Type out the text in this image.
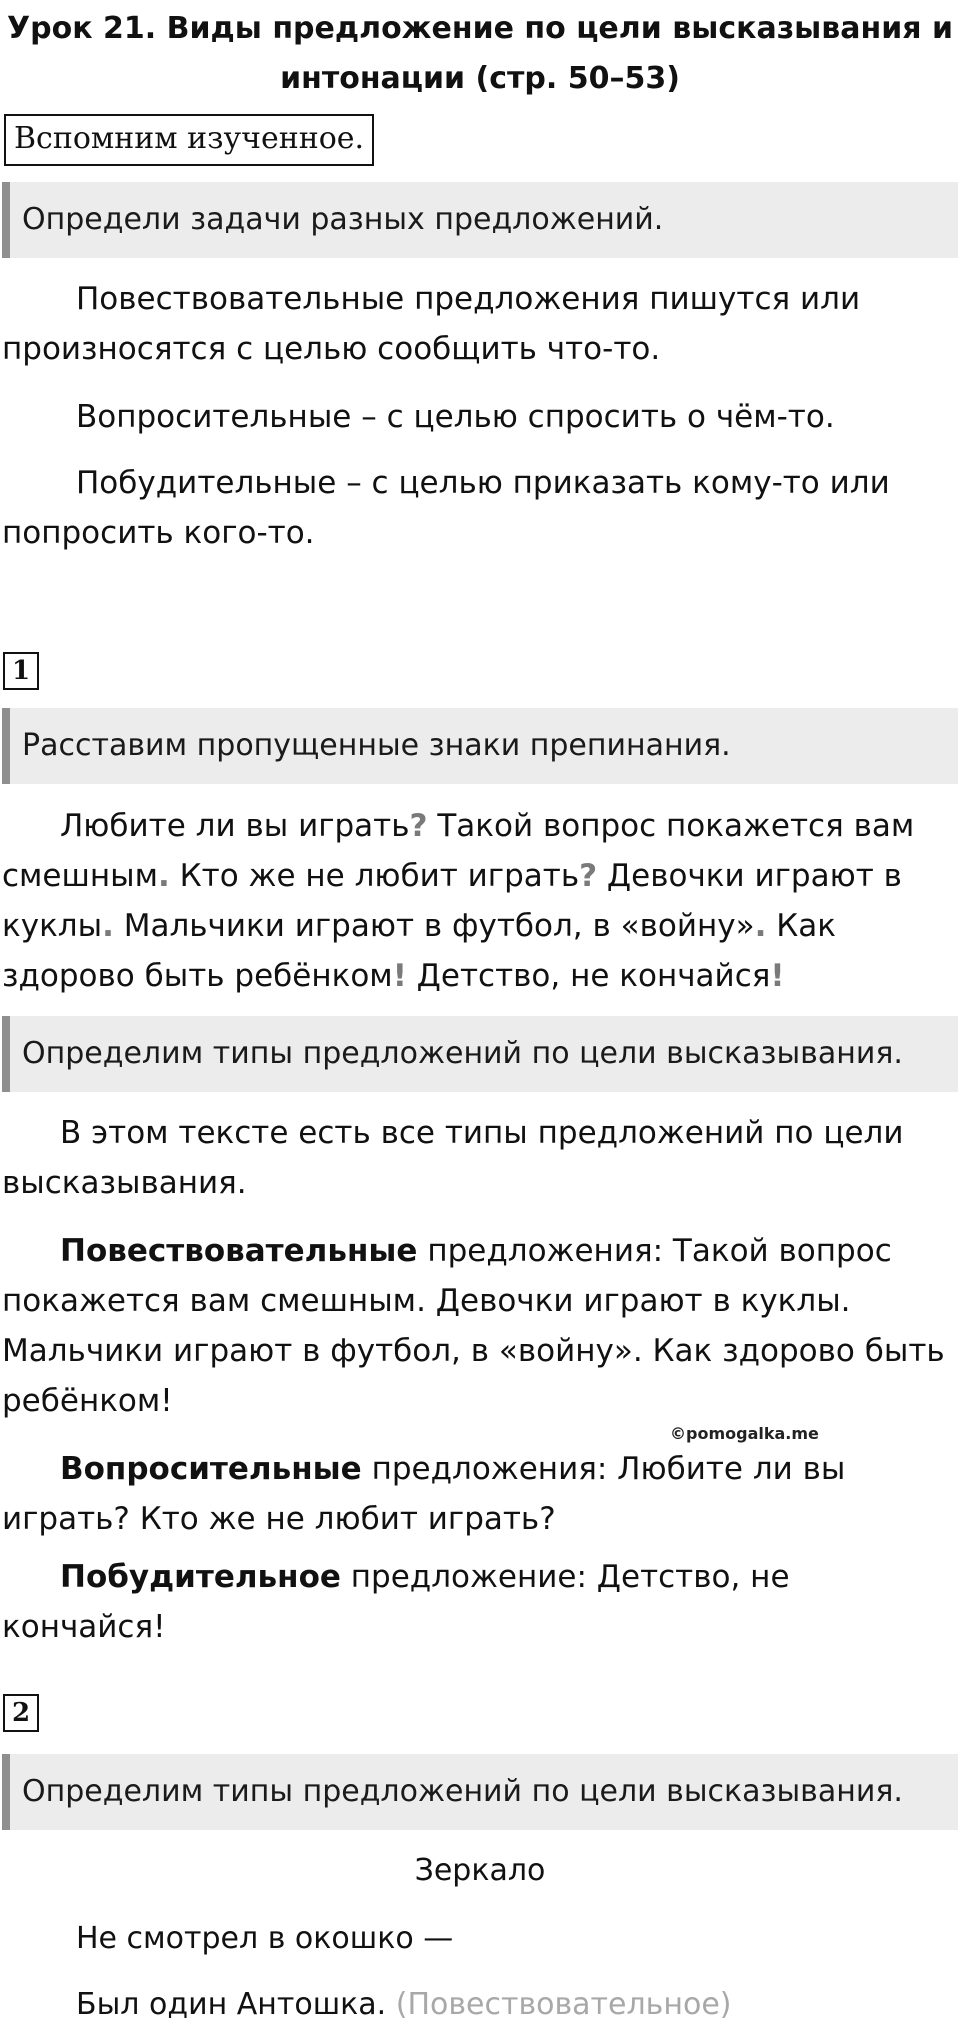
Урок 21. Виды предложение по цели высказывания и
интонации (стр. 50–53)
Вспомним изученное.
Определи задачи разных предложений.

Повествовательные предложения пишутся или произносятся с целью сообщить что-то.

Вопросительные – с целью спросить о чём-то.

Побудительные – с целью приказать кому-то или попросить кого-то.

1
Расставим пропущенные знаки препинания.

Любите ли вы играть? Такой вопрос покажется вам смешным. Кто же не любит играть? Девочки играют в куклы. Мальчики играют в футбол, в «войну». Как здорово быть ребёнком! Детство, не кончайся!

Определим типы предложений по цели высказывания.

В этом тексте есть все типы предложений по цели высказывания.

Повествовательные предложения: Такой вопрос покажется вам смешным. Девочки играют в куклы. Мальчики играют в футбол, в «войну». Как здорово быть ребёнком!

©pomogalka.me

Вопросительные предложения: Любите ли вы играть? Кто же не любит играть?

Побудительное предложение: Детство, не кончайся!

2
Определим типы предложений по цели высказывания.
Зеркало

Не смотрел в окошко —

Был один Антошка. (Повествовательное)
